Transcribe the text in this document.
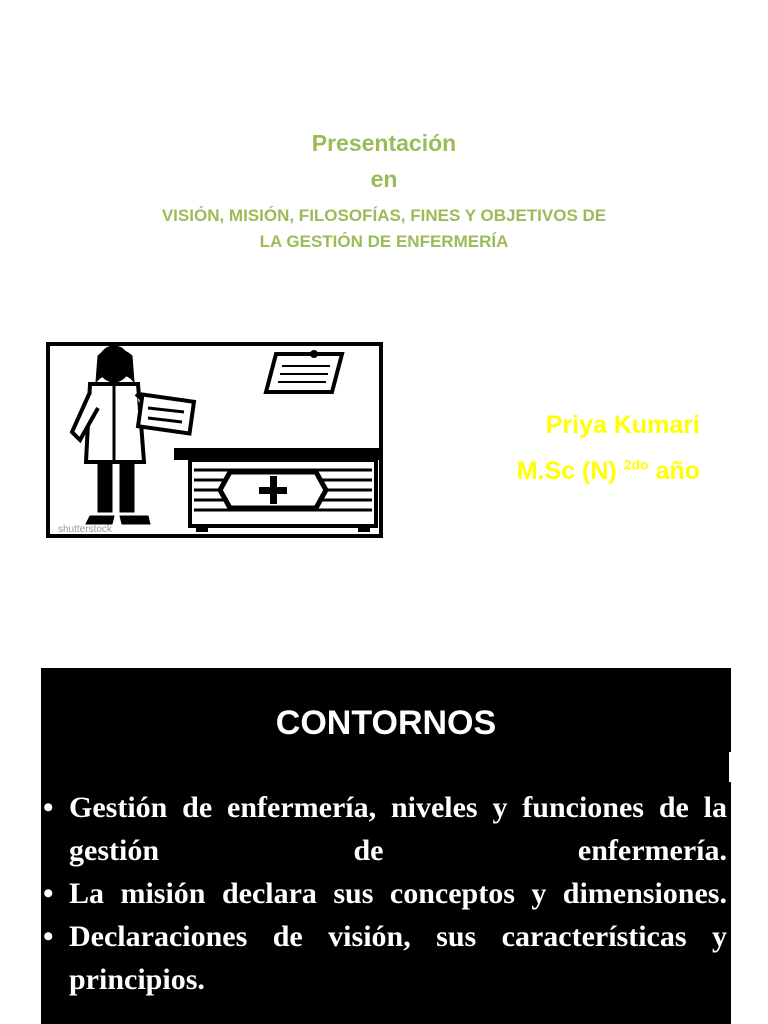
Presentación
en
VISIÓN, MISIÓN, FILOSOFÍAS, FINES Y OBJETIVOS DE
LA GESTIÓN DE ENFERMERÍA
shutterstock
Priya Kumari
M.Sc (N) $^{2do}$ año
CONTORNOS
• Gestión de enfermería, niveles y funciones de la gestión de enfermería.
• La misión declara sus conceptos y dimensiones.
• Declaraciones de visión, sus características y principios.
